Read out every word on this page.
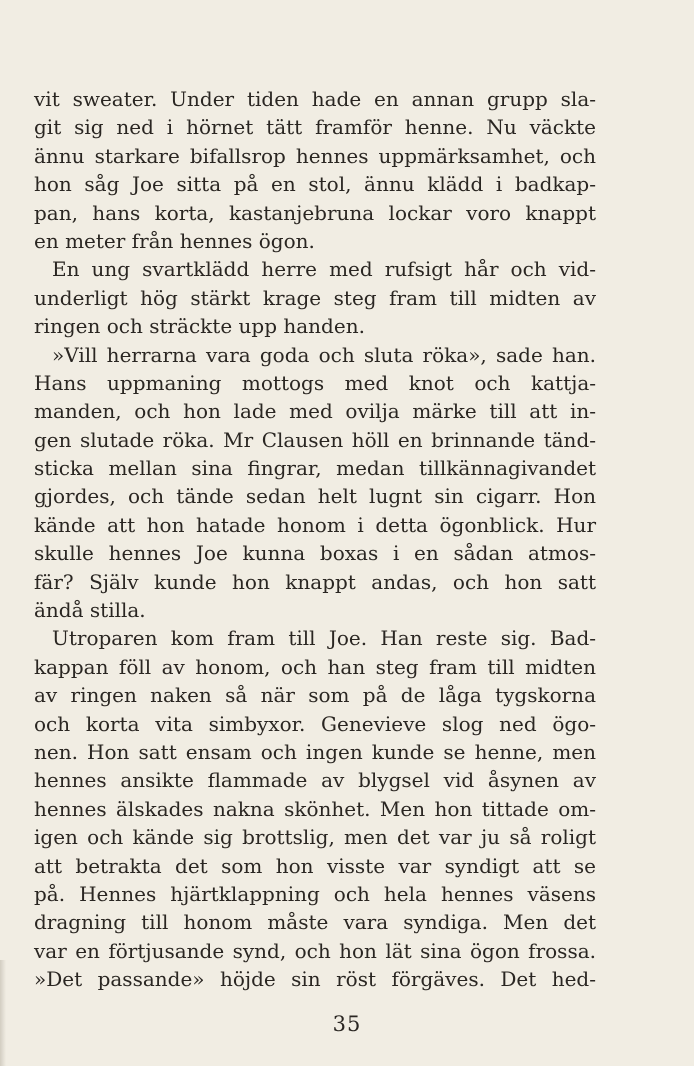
vit sweater. Under tiden hade en annan grupp sla-
git sig ned i hörnet tätt framför henne. Nu väckte
ännu starkare bifallsrop hennes uppmärksamhet, och
hon såg Joe sitta på en stol, ännu klädd i badkap-
pan, hans korta, kastanjebruna lockar voro knappt
en meter från hennes ögon.
En ung svartklädd herre med rufsigt hår och vid-
underligt hög stärkt krage steg fram till midten av
ringen och sträckte upp handen.
»Vill herrarna vara goda och sluta röka», sade han.
Hans uppmaning mottogs med knot och kattja-
manden, och hon lade med ovilja märke till att in-
gen slutade röka. Mr Clausen höll en brinnande tänd-
sticka mellan sina fingrar, medan tillkännagivandet
gjordes, och tände sedan helt lugnt sin cigarr. Hon
kände att hon hatade honom i detta ögonblick. Hur
skulle hennes Joe kunna boxas i en sådan atmos-
fär? Själv kunde hon knappt andas, och hon satt
ändå stilla.
Utroparen kom fram till Joe. Han reste sig. Bad-
kappan föll av honom, och han steg fram till midten
av ringen naken så när som på de låga tygskorna
och korta vita simbyxor. Genevieve slog ned ögo-
nen. Hon satt ensam och ingen kunde se henne, men
hennes ansikte flammade av blygsel vid åsynen av
hennes älskades nakna skönhet. Men hon tittade om-
igen och kände sig brottslig, men det var ju så roligt
att betrakta det som hon visste var syndigt att se
på. Hennes hjärtklappning och hela hennes väsens
dragning till honom måste vara syndiga. Men det
var en förtjusande synd, och hon lät sina ögon frossa.
»Det passande» höjde sin röst förgäves. Det hed-
35
